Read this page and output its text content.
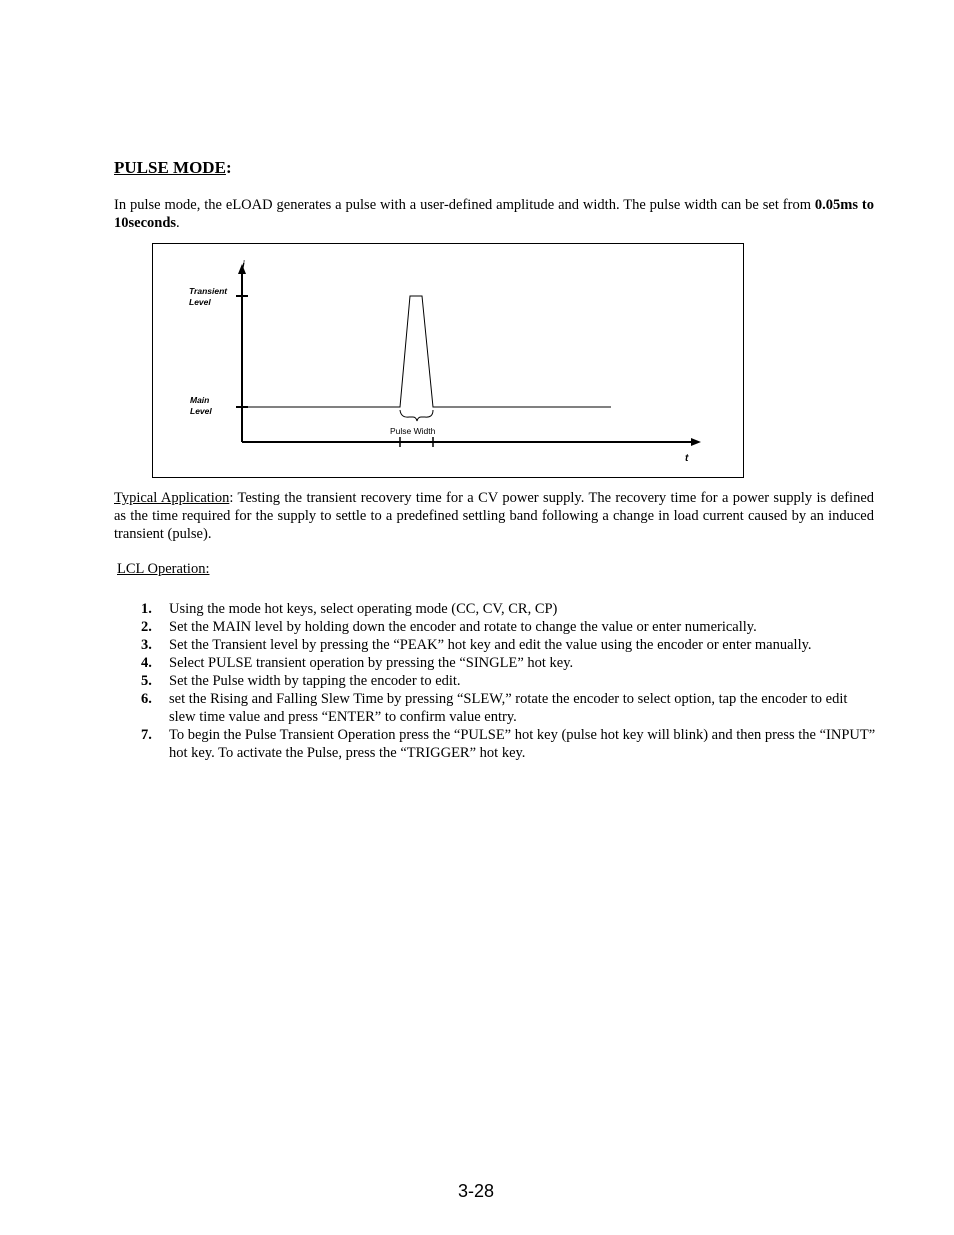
PULSE MODE:
In pulse mode, the eLOAD generates a pulse with a user-defined amplitude and width. The pulse width can be set from 0.05ms to 10seconds.
i
t
Transient
Level
Main
Level
Pulse Width
Typical Application: Testing the transient recovery time for a CV power supply. The recovery time for a power supply is defined as the time required for the supply to settle to a predefined settling band following a change in load current caused by an induced transient (pulse).
LCL Operation:
1.	Using the mode hot keys, select operating mode (CC, CV, CR, CP)
2.	Set the MAIN level by holding down the encoder and rotate to change the value or enter numerically.
3.	Set the Transient level by pressing the “PEAK” hot key and edit the value using the encoder or enter manually.
4.	Select PULSE transient operation by pressing the “SINGLE” hot key.
5.	Set the Pulse width by tapping the encoder to edit.
6.	set the Rising and Falling Slew Time by pressing “SLEW,” rotate the encoder to select option, tap the encoder to edit slew time value and press “ENTER” to confirm value entry.
7.	To begin the Pulse Transient Operation press the “PULSE” hot key (pulse hot key will blink) and then press the “INPUT” hot key. To activate the Pulse, press the “TRIGGER” hot key.
3-28
